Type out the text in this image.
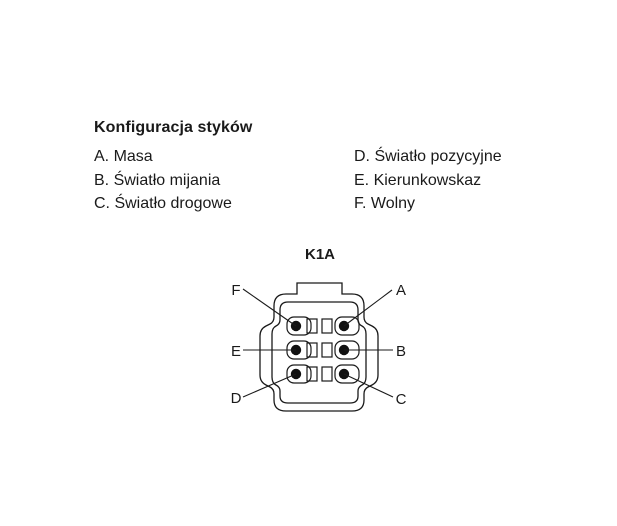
Konfiguracja styków
A. Masa
B. Światło mijania
C. Światło drogowe
D. Światło pozycyjne
E. Kierunkowskaz
F. Wolny
K1A
F	A
E	B
D	C
